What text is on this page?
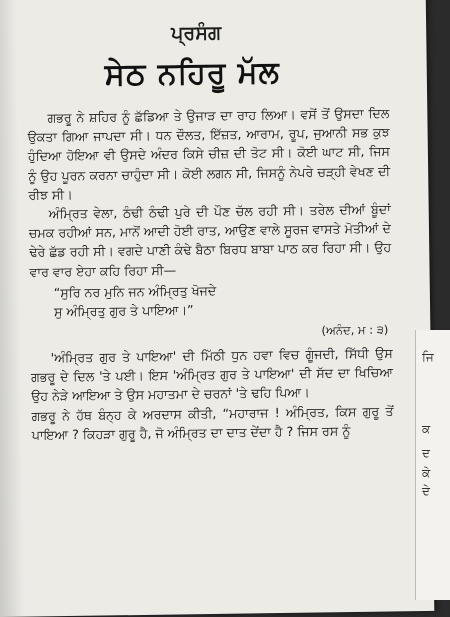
ਪ੍ਰਸੰਗ
ਸੇਠ ਨਹਿਰੂ ਮੱਲ

ਗਭਰੂ ਨੇ ਸ਼ਹਿਰ ਨੂੰ ਛੱਡਿਆ ਤੇ ਉਜਾੜ ਦਾ ਰਾਹ ਲਿਆ। ਵਸੋਂ ਤੋਂ ਉਸਦਾ ਦਿਲ ਉਕਤਾ ਗਿਆ ਜਾਪਦਾ ਸੀ। ਧਨ ਦੌਲਤ, ਇੱਜ਼ਤ, ਆਰਾਮ, ਰੂਪ, ਜੁਆਨੀ ਸਭ ਕੁਝ ਹੁੰਦਿਆ ਹੋਇਆ ਵੀ ਉਸਦੇ ਅੰਦਰ ਕਿਸੇ ਚੀਜ਼ ਦੀ ਤੋਟ ਸੀ। ਕੋਈ ਘਾਟ ਸੀ, ਜਿਸ ਨੂੰ ਉਹ ਪੂਰਨ ਕਰਨਾ ਚਾਹੁੰਦਾ ਸੀ। ਕੋਈ ਲਗਨ ਸੀ, ਜਿਸਨੂੰ ਨੇਪਰੇ ਚੜ੍ਹੀ ਵੇਖਣ ਦੀ ਰੀਝ ਸੀ।

ਅੰਮ੍ਰਿਤ ਵੇਲਾ, ਠੰਢੀ ਠੰਢੀ ਪੁਰੇ ਦੀ ਪੌਣ ਚੱਲ ਰਹੀ ਸੀ। ਤਰੇਲ ਦੀਆਂ ਬੂੰਦਾਂ ਚਮਕ ਰਹੀਆਂ ਸਨ, ਮਾਨੋਂ ਆਦੀ ਹੋਈ ਰਾਤ, ਆਉਣ ਵਾਲੇ ਸੂਰਜ ਵਾਸਤੇ ਮੋਤੀਆਂ ਦੇ ਢੇਰੇ ਛੱਡ ਰਹੀ ਸੀ। ਵਗਦੇ ਪਾਣੀ ਕੰਢੇ ਬੈਠਾ ਬਿਰਧ ਬਾਬਾ ਪਾਠ ਕਰ ਰਿਹਾ ਸੀ। ਉਹ ਵਾਰ ਵਾਰ ਏਹਾ ਕਹਿ ਰਿਹਾ ਸੀ—

“ਸੁਰਿ ਨਰ ਮੁਨਿ ਜਨ ਅੰਮ੍ਰਿਤੁ ਖੋਜਦੇ
ਸੁ ਅੰਮ੍ਰਿਤੁ ਗੁਰ ਤੇ ਪਾਇਆ।”
(ਅਨੰਦ, ਮ : ੩)

'ਅੰਮ੍ਰਿਤ ਗੁਰ ਤੇ ਪਾਇਆ' ਦੀ ਮਿੱਠੀ ਧੁਨ ਹਵਾ ਵਿਚ ਗੂੰਜਦੀ, ਸਿੱਧੀ ਉਸ ਗਭਰੂ ਦੇ ਦਿਲ 'ਤੇ ਪਈ। ਇਸ 'ਅੰਮ੍ਰਿਤ ਗੁਰ ਤੇ ਪਾਇਆ' ਦੀ ਸੱਦ ਦਾ ਖਿਚਿਆ ਉਹ ਨੇੜੇ ਆਇਆ ਤੇ ਉਸ ਮਹਾਤਮਾ ਦੇ ਚਰਨਾਂ 'ਤੇ ਢਹਿ ਪਿਆ।

ਗਭਰੂ ਨੇ ਹੱਥ ਬੰਨ੍ਹ ਕੇ ਅਰਦਾਸ ਕੀਤੀ, “ਮਹਾਰਾਜ ! ਅੰਮ੍ਰਿਤ, ਕਿਸ ਗੁਰੂ ਤੋਂ ਪਾਇਆ ? ਕਿਹੜਾ ਗੁਰੂ ਹੈ, ਜੋ ਅੰਮ੍ਰਿਤ ਦਾ ਦਾਤ ਦੇਂਦਾ ਹੈ ? ਜਿਸ ਰਸ ਨੂੰ

ਜਿ
ਕ
ਦ
ਕੇ
ਦੇ
